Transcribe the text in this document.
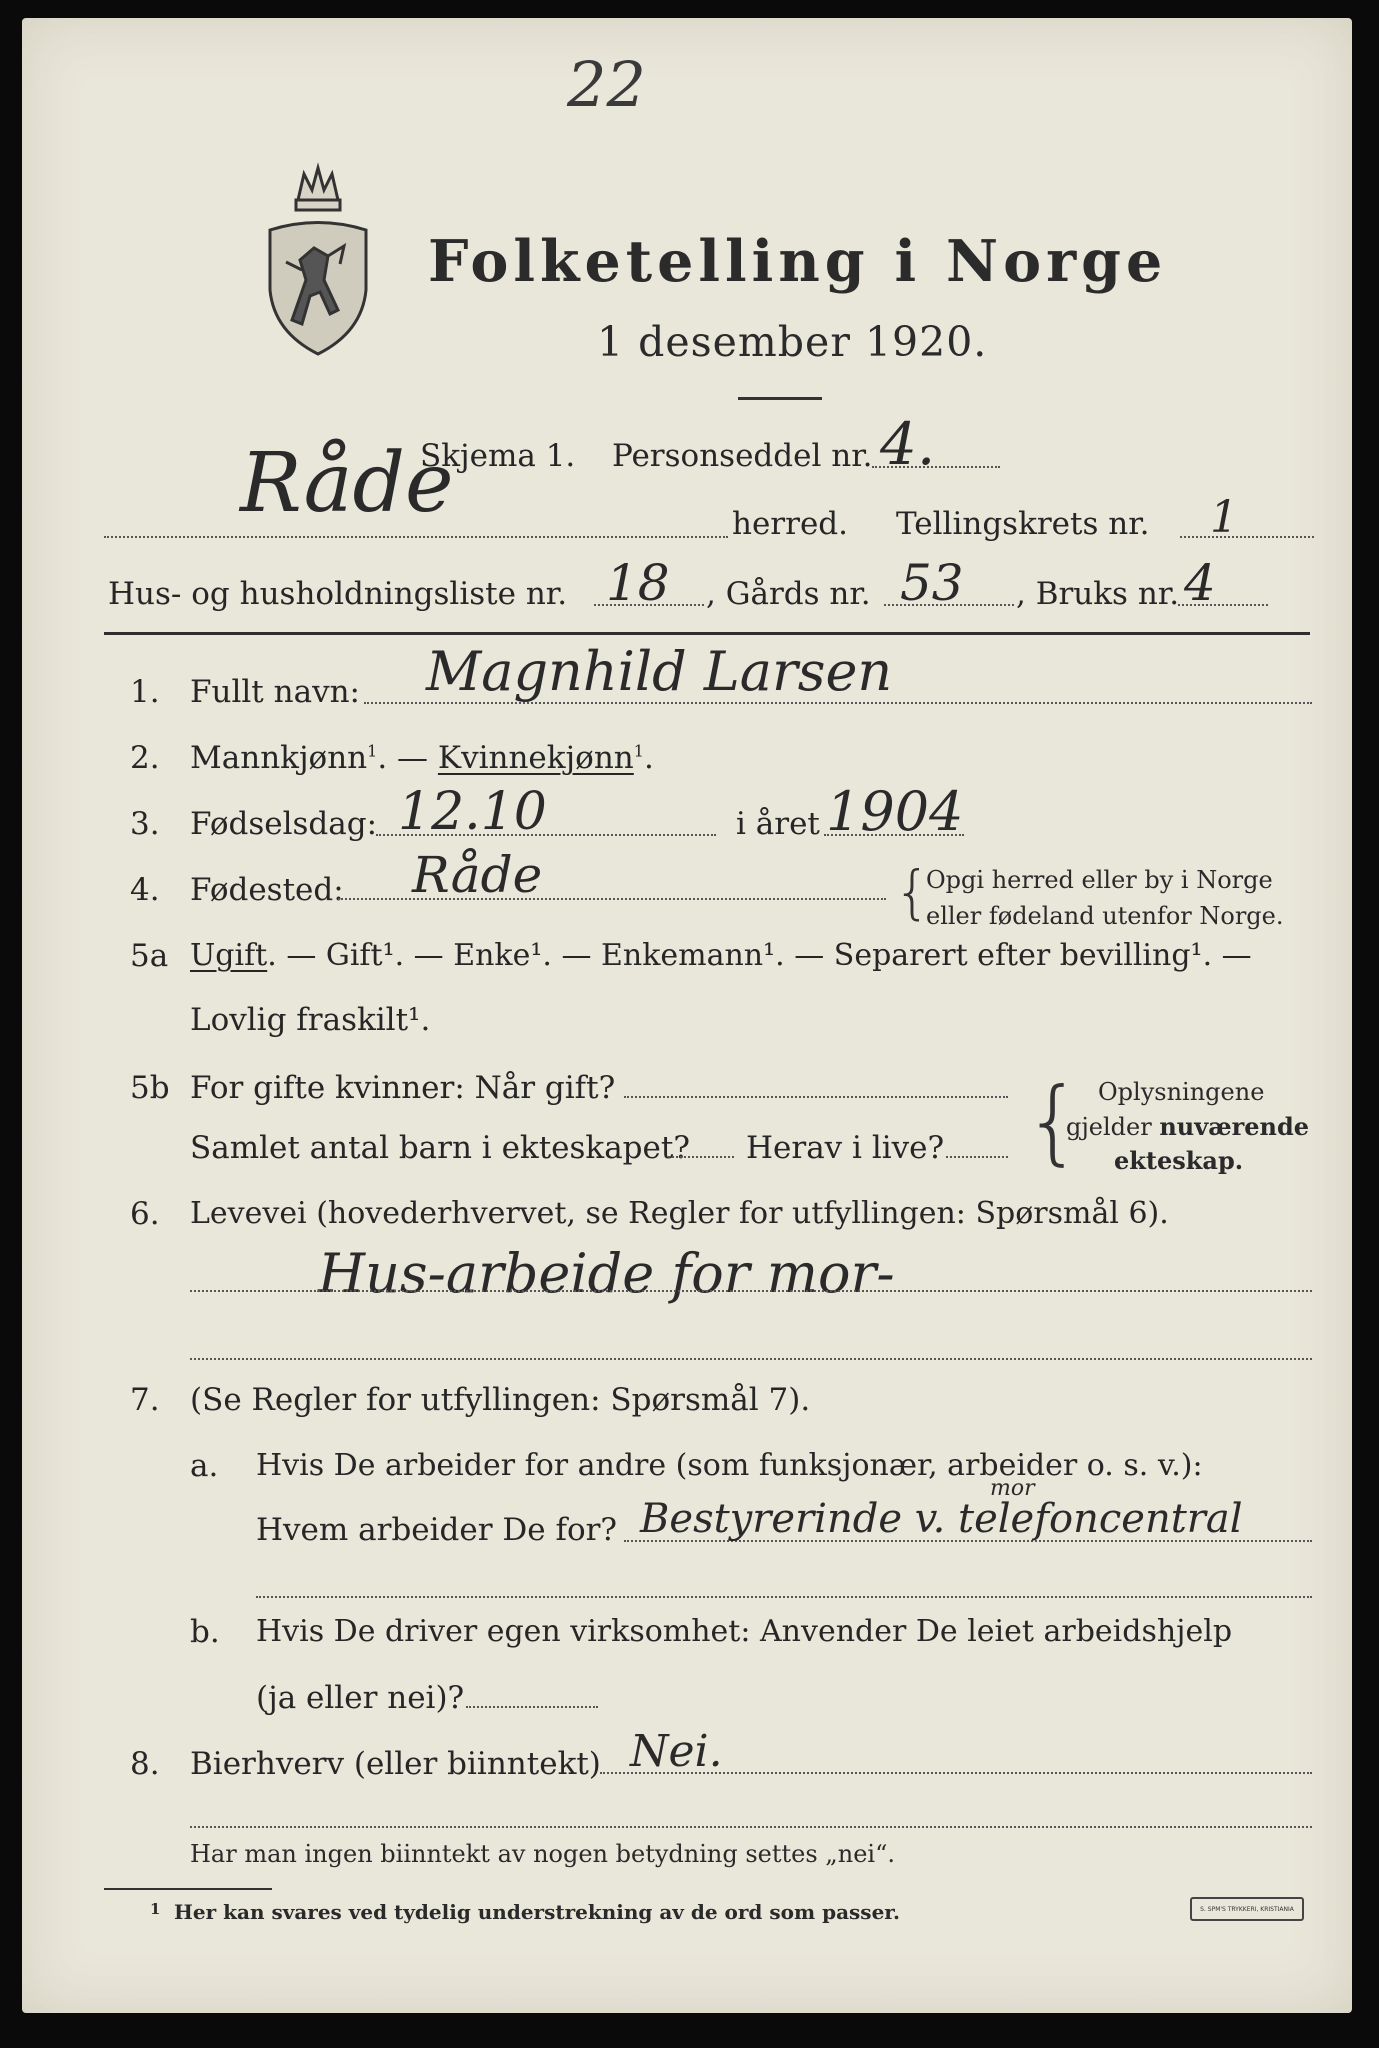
22
Folketelling i Norge
1 desember 1920.
Skjema 1. Personseddel nr. 4.
Råde	herred. Tellingskrets nr. 1
Hus- og husholdningsliste nr. 18 , Gårds nr. 53 , Bruks nr. 4
1. Fullt navn: Magnhild Larsen
2. Mannkjønn$^1$. — Kvinnekjønn$^1$.
3. Fødselsdag: 12.10	i året 1904
4. Fødested: Råde	{
Opgi herred eller by i Norge
eller fødeland utenfor Norge.
5a Ugift. — Gift¹. — Enke¹. — Enkemann¹. — Separert efter bevilling¹. —
Lovlig fraskilt¹.
5b For gifte kvinner: Når gift?
Samlet antal barn i ekteskapet? Herav i live? { Oplysningene
gjelder nuværende
ekteskap.
6. Levevei (hovederhvervet, se Regler for utfyllingen: Spørsmål 6).
Hus-arbeide for mor-
7. (Se Regler for utfyllingen: Spørsmål 7).
a. Hvis De arbeider for andre (som funksjonær, arbeider o. s. v.):
Hvem arbeider De for?
mor
Bestyrerinde v. telefoncentral
b. Hvis De driver egen virksomhet: Anvender De leiet arbeidshjelp
(ja eller nei)?
8. Bierhverv (eller biinntekt) Nei.
Har man ingen biinntekt av nogen betydning settes „nei“.
1 Her kan svares ved tydelig understrekning av de ord som passer.	S. SPM'S TRYKKERI, KRISTIANIA
